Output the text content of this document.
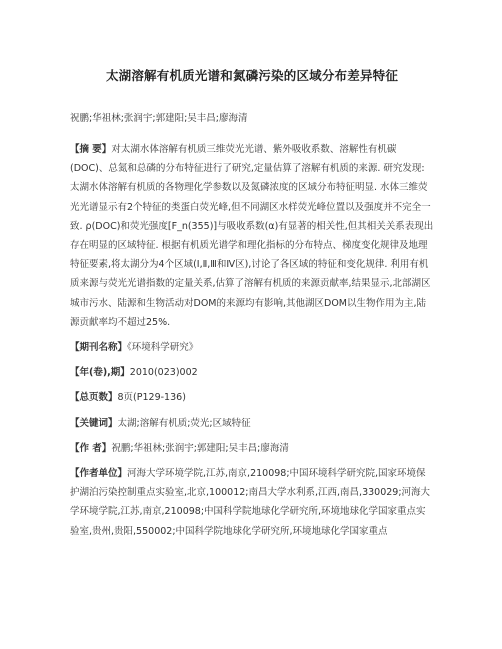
太湖溶解有机质光谱和氮磷污染的区域分布差异特征
祝鹏;华祖林;张润宇;郭建阳;吴丰昌;廖海清
【摘 要】对太湖水体溶解有机质三维荧光光谱、紫外吸收系数、溶解性有机碳(DOC)、总氮和总磷的分布特征进行了研究,定量估算了溶解有机质的来源. 研究发现:太湖水体溶解有机质的各物理化学参数以及氮磷浓度的区域分布特征明显. 水体三维荧光光谱显示有2个特征的类蛋白荧光峰,但不同湖区水样荧光峰位置以及强度并不完全一致. ρ(DOC)和荧光强度[F_n(355)]与吸收系数(α)有显著的相关性,但其相关关系表现出存在明显的区域特征. 根据有机质光谱学和理化指标的分布特点、梯度变化规律及地理特征要素,将太湖分为4个区域(Ⅰ,Ⅱ,Ⅲ和Ⅳ区),讨论了各区域的特征和变化规律. 利用有机质来源与荧光光谱指数的定量关系,估算了溶解有机质的来源贡献率,结果显示,北部湖区城市污水、陆源和生物活动对DOM的来源均有影响,其他湖区DOM以生物作用为主,陆源贡献率均不超过25%.
【期刊名称】《环境科学研究》
【年(卷),期】2010(023)002
【总页数】8页(P129-136)
【关键词】太湖;溶解有机质;荧光;区域特征
【作 者】祝鹏;华祖林;张润宇;郭建阳;吴丰昌;廖海清
【作者单位】河海大学环境学院,江苏,南京,210098;中国环境科学研究院,国家环境保护湖泊污染控制重点实验室,北京,100012;南昌大学水利系,江西,南昌,330029;河海大学环境学院,江苏,南京,210098;中国科学院地球化学研究所,环境地球化学国家重点实验室,贵州,贵阳,550002;中国科学院地球化学研究所,环境地球化学国家重点
